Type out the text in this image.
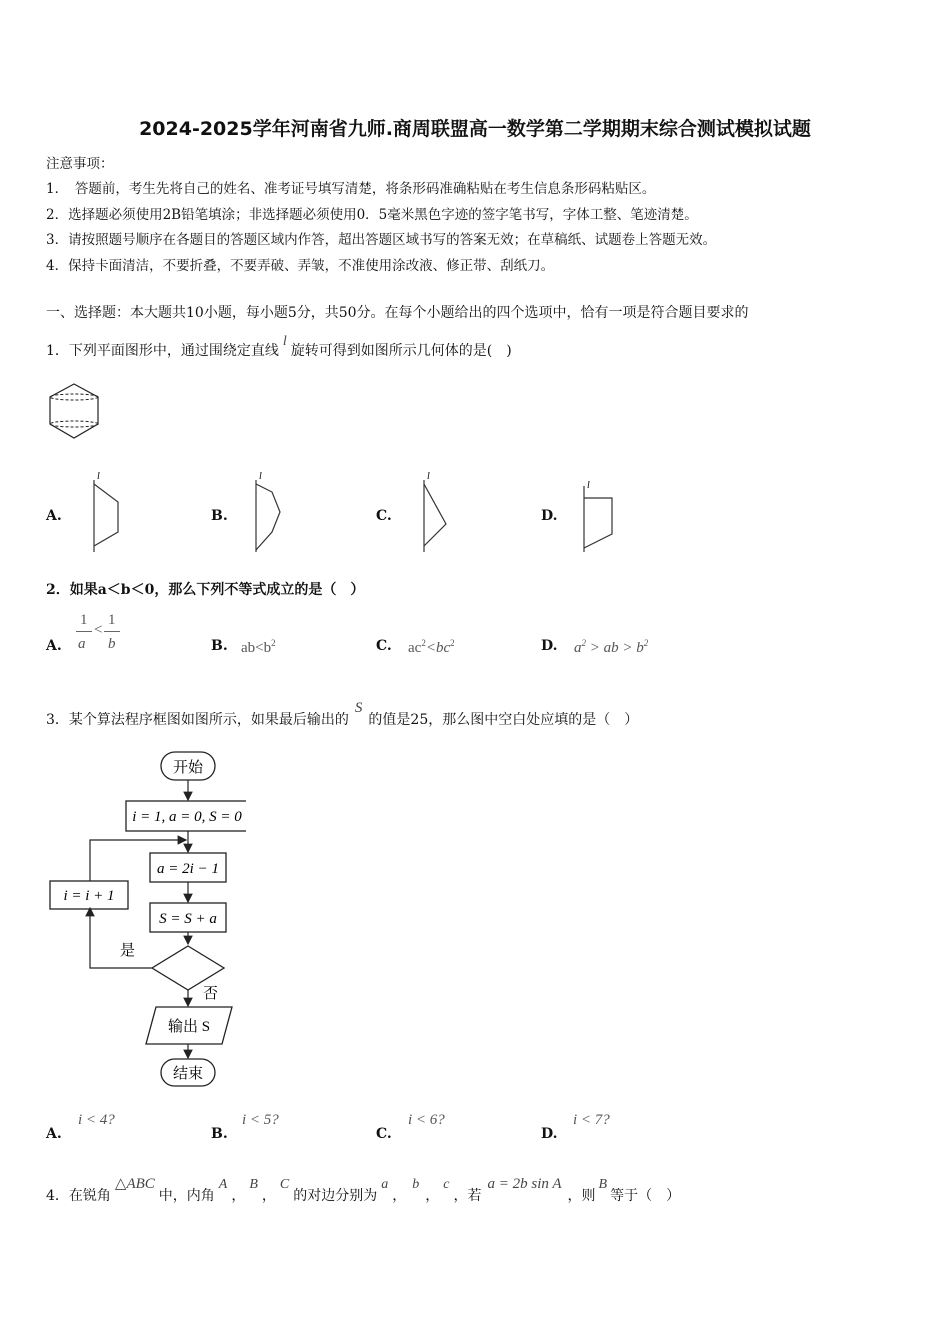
2024-2025学年河南省九师.商周联盟高一数学第二学期期末综合测试模拟试题
注意事项：
1．　答题前，考生先将自己的姓名、准考证号填写清楚，将条形码准确粘贴在考生信息条形码粘贴区。
2．选择题必须使用2B铅笔填涂；非选择题必须使用0．5毫米黑色字迹的签字笔书写，字体工整、笔迹清楚。
3．请按照题号顺序在各题目的答题区域内作答，超出答题区域书写的答案无效；在草稿纸、试题卷上答题无效。
4．保持卡面清洁，不要折叠，不要弄破、弄皱，不准使用涂改液、修正带、刮纸刀。
一、选择题：本大题共10小题，每小题5分，共50分。在每个小题给出的四个选项中，恰有一项是符合题目要求的
1．下列平面图形中，通过围绕定直线l旋转可得到如图所示几何体的是(　)
A.
l
B.
l
C.
l
D.
l
2．如果a＜b＜0，那么下列不等式成立的是（　）
A.
1
a
<
1
b	B. $ab<b^2$	C. $ac^2<bc^2$	D. $a^2$ > ab > $b^2$
3．某个算法程序框图如图所示，如果最后输出的S的值是25，那么图中空白处应填的是（　）
开始
i = 1, a = 0, S = 0
a = 2i − 1
S = S + a
是
i = i + 1
否
输出 S
结束
A.
i < 4?
B.
i < 5?
C.
i < 6?
D.
i < 7?
4．在锐角△ABC中，内角A，B，C的对边分别为a，b，c，若a = 2b sin A，则B等于（　）
